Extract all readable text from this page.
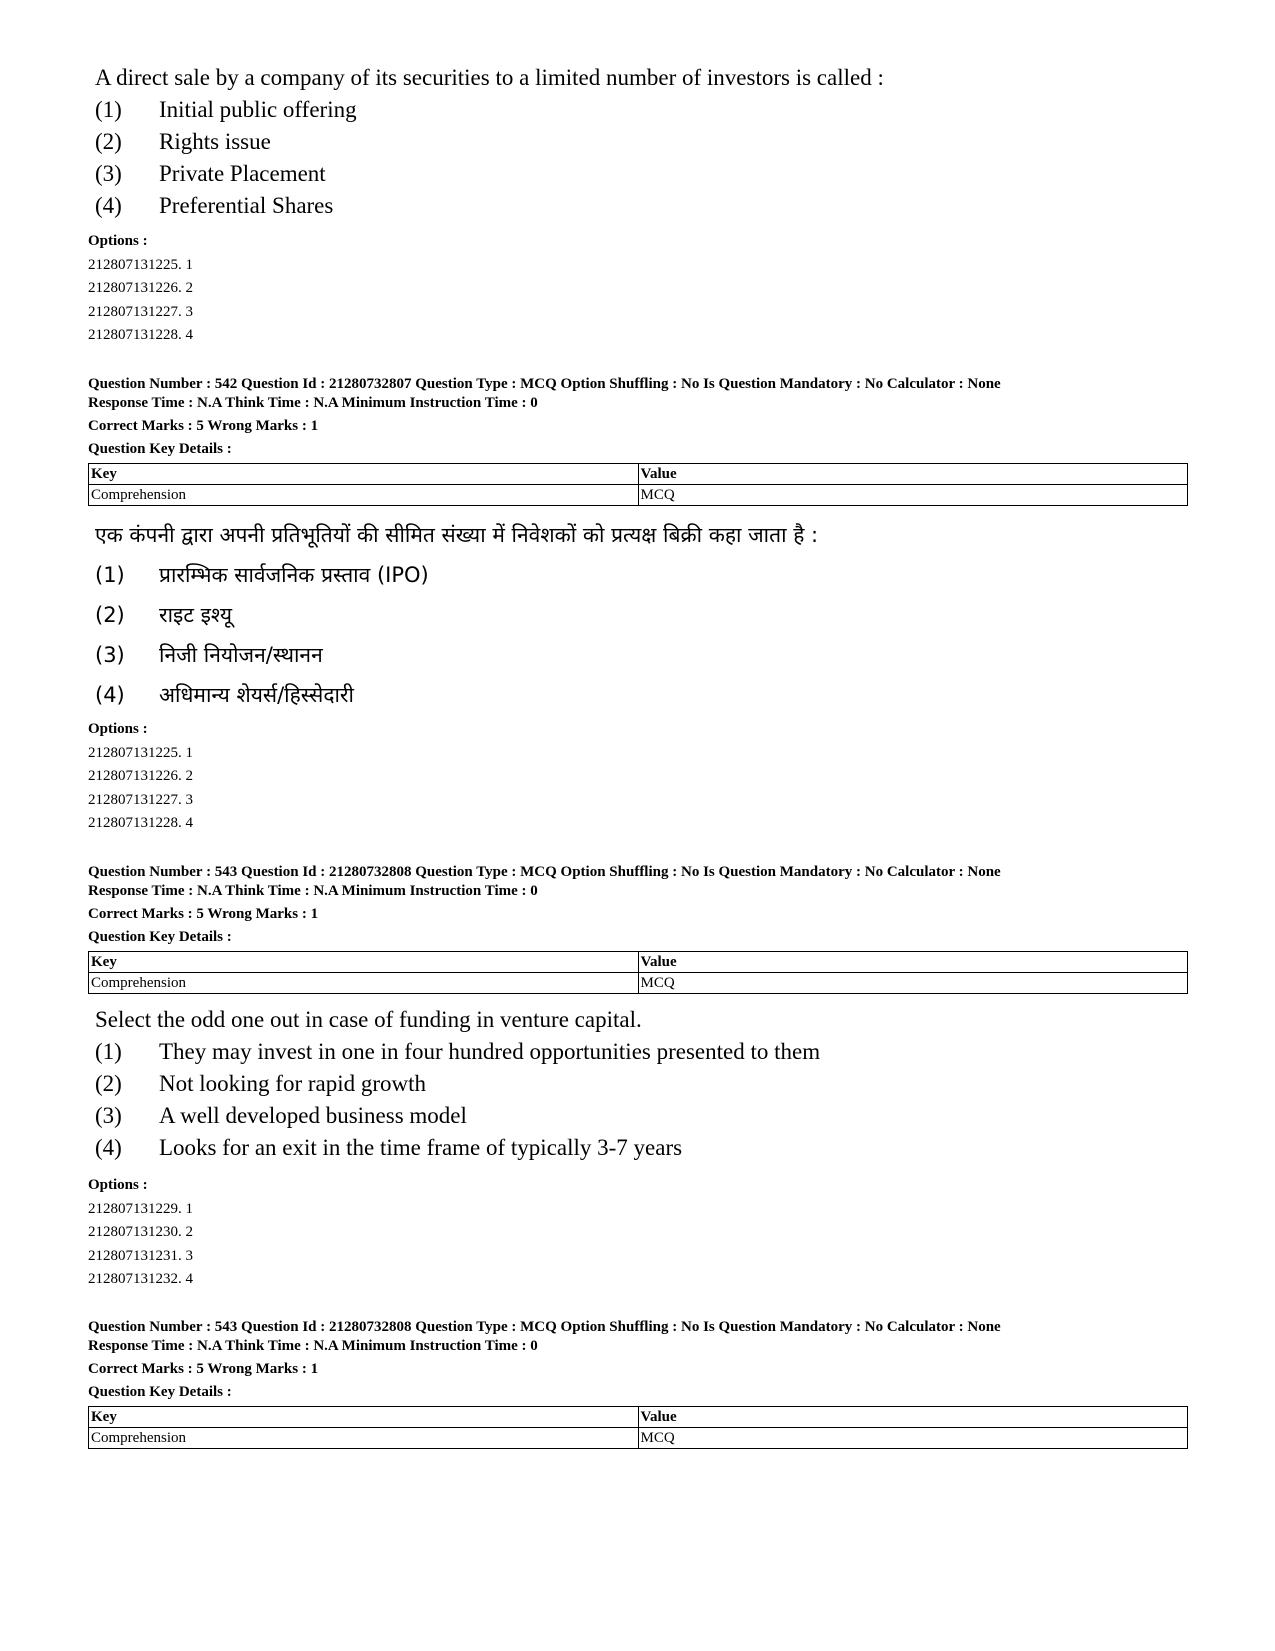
A direct sale by a company of its securities to a limited number of investors is called :

(1)	Initial public offering
(2)	Rights issue
(3)	Private Placement
(4)	Preferential Shares
Options :
212807131225. 1
212807131226. 2
212807131227. 3
212807131228. 4
Question Number : 542 Question Id : 21280732807 Question Type : MCQ Option Shuffling : No Is Question Mandatory : No Calculator : None
Response Time : N.A Think Time : N.A Minimum Instruction Time : 0
Correct Marks : 5 Wrong Marks : 1
Question Key Details :
Key	Value
Comprehension	MCQ

एक कंपनी द्वारा अपनी प्रतिभूतियों की सीमित संख्या में निवेशकों को प्रत्यक्ष बिक्री कहा जाता है :

(1)	प्रारम्भिक सार्वजनिक प्रस्ताव (IPO)
(2)	राइट इश्यू
(3)	निजी नियोजन/स्थानन
(4)	अधिमान्य शेयर्स/हिस्सेदारी
Options :
212807131225. 1
212807131226. 2
212807131227. 3
212807131228. 4
Question Number : 543 Question Id : 21280732808 Question Type : MCQ Option Shuffling : No Is Question Mandatory : No Calculator : None
Response Time : N.A Think Time : N.A Minimum Instruction Time : 0
Correct Marks : 5 Wrong Marks : 1
Question Key Details :
Key	Value
Comprehension	MCQ

Select the odd one out in case of funding in venture capital.

(1)	They may invest in one in four hundred opportunities presented to them
(2)	Not looking for rapid growth
(3)	A well developed business model
(4)	Looks for an exit in the time frame of typically 3-7 years
Options :
212807131229. 1
212807131230. 2
212807131231. 3
212807131232. 4
Question Number : 543 Question Id : 21280732808 Question Type : MCQ Option Shuffling : No Is Question Mandatory : No Calculator : None
Response Time : N.A Think Time : N.A Minimum Instruction Time : 0
Correct Marks : 5 Wrong Marks : 1
Question Key Details :
Key	Value
Comprehension	MCQ
